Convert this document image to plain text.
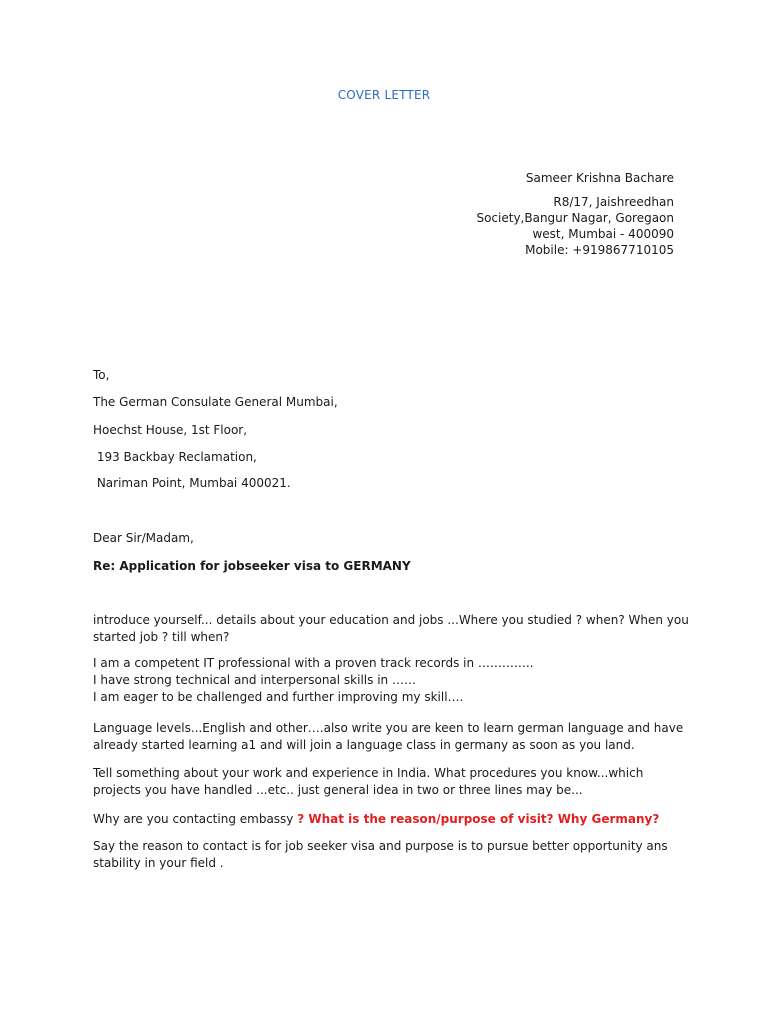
COVER LETTER
Sameer Krishna Bachare
R8/17, Jaishreedhan
Society,Bangur Nagar, Goregaon
west, Mumbai - 400090
Mobile: +919867710105
To,
The German Consulate General Mumbai,
Hoechst House, 1st Floor,
193 Backbay Reclamation,
Nariman Point, Mumbai 400021.
Dear Sir/Madam,
Re: Application for jobseeker visa to GERMANY
introduce yourself... details about your education and jobs ...Where you studied ? when? When you
started job ? till when?
I am a competent IT professional with a proven track records in …………..
I have strong technical and interpersonal skills in ……
I am eager to be challenged and further improving my skill….
Language levels...English and other….also write you are keen to learn german language and have
already started learning a1 and will join a language class in germany as soon as you land.
Tell something about your work and experience in India. What procedures you know...which
projects you have handled ...etc.. just general idea in two or three lines may be...
Why are you contacting embassy ? What is the reason/purpose of visit? Why Germany?
Say the reason to contact is for job seeker visa and purpose is to pursue better opportunity ans
stability in your field .
